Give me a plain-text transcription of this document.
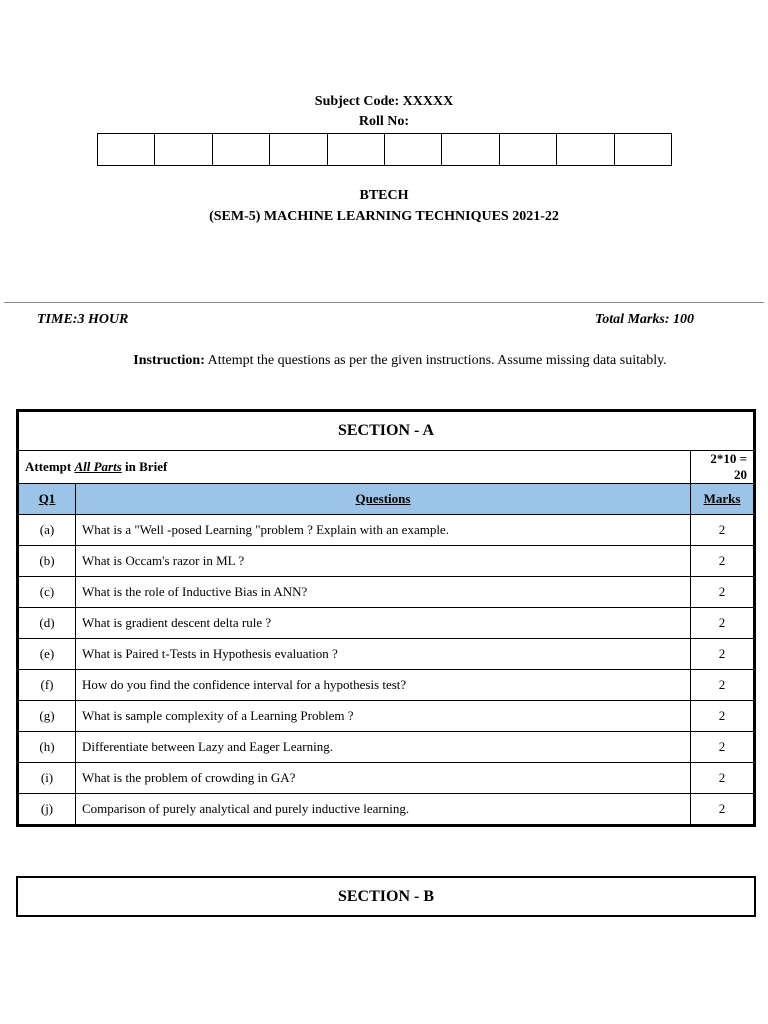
Subject Code: XXXXX
Roll No:
BTECH
(SEM-5) MACHINE LEARNING TECHNIQUES 2021-22
TIME:3 HOUR	Total Marks: 100
Instruction: Attempt the questions as per the given instructions. Assume missing data suitably.
SECTION - A		
Attempt All Parts in Brief		2*10 = 20
Q1	Questions	Marks
(a)	What is a "Well -posed Learning "problem ? Explain with an example.	2
(b)	What is Occam's razor in ML ?	2
(c)	What is the role of Inductive Bias in ANN?	2
(d)	What is gradient descent delta rule ?	2
(e)	What is Paired t-Tests in Hypothesis evaluation ?	2
(f)	How do you find the confidence interval for a hypothesis test?	2
(g)	What is sample complexity of a Learning Problem ?	2
(h)	Differentiate between Lazy and Eager Learning.	2
(i)	What is the problem of crowding in GA?	2
(j)	Comparison of purely analytical and purely inductive learning.	2
SECTION - B
